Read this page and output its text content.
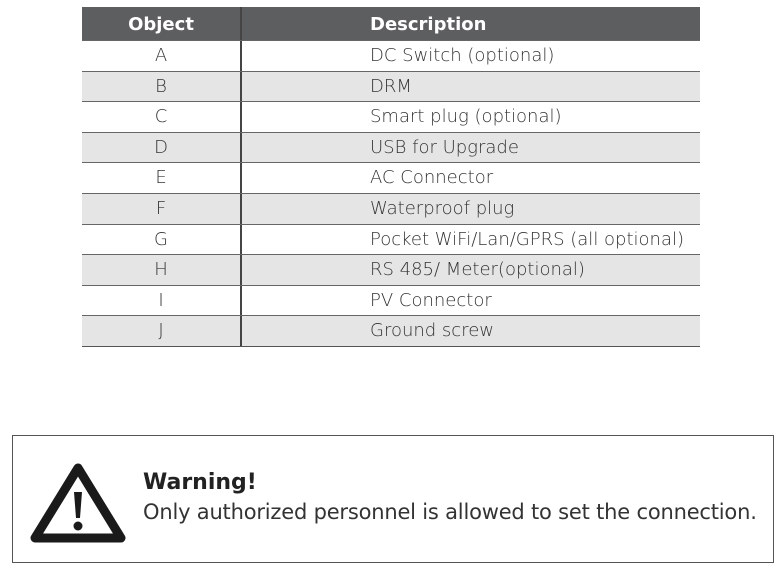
Object	Description
A	DC Switch (optional)
B	DRM
C	Smart plug (optional)
D	USB for Upgrade
E	AC Connector
F	Waterproof plug
G	Pocket WiFi/Lan/GPRS (all optional)
H	RS 485/ Meter(optional)
I	PV Connector
J	Ground screw
Warning!
Only authorized personnel is allowed to set the connection.
